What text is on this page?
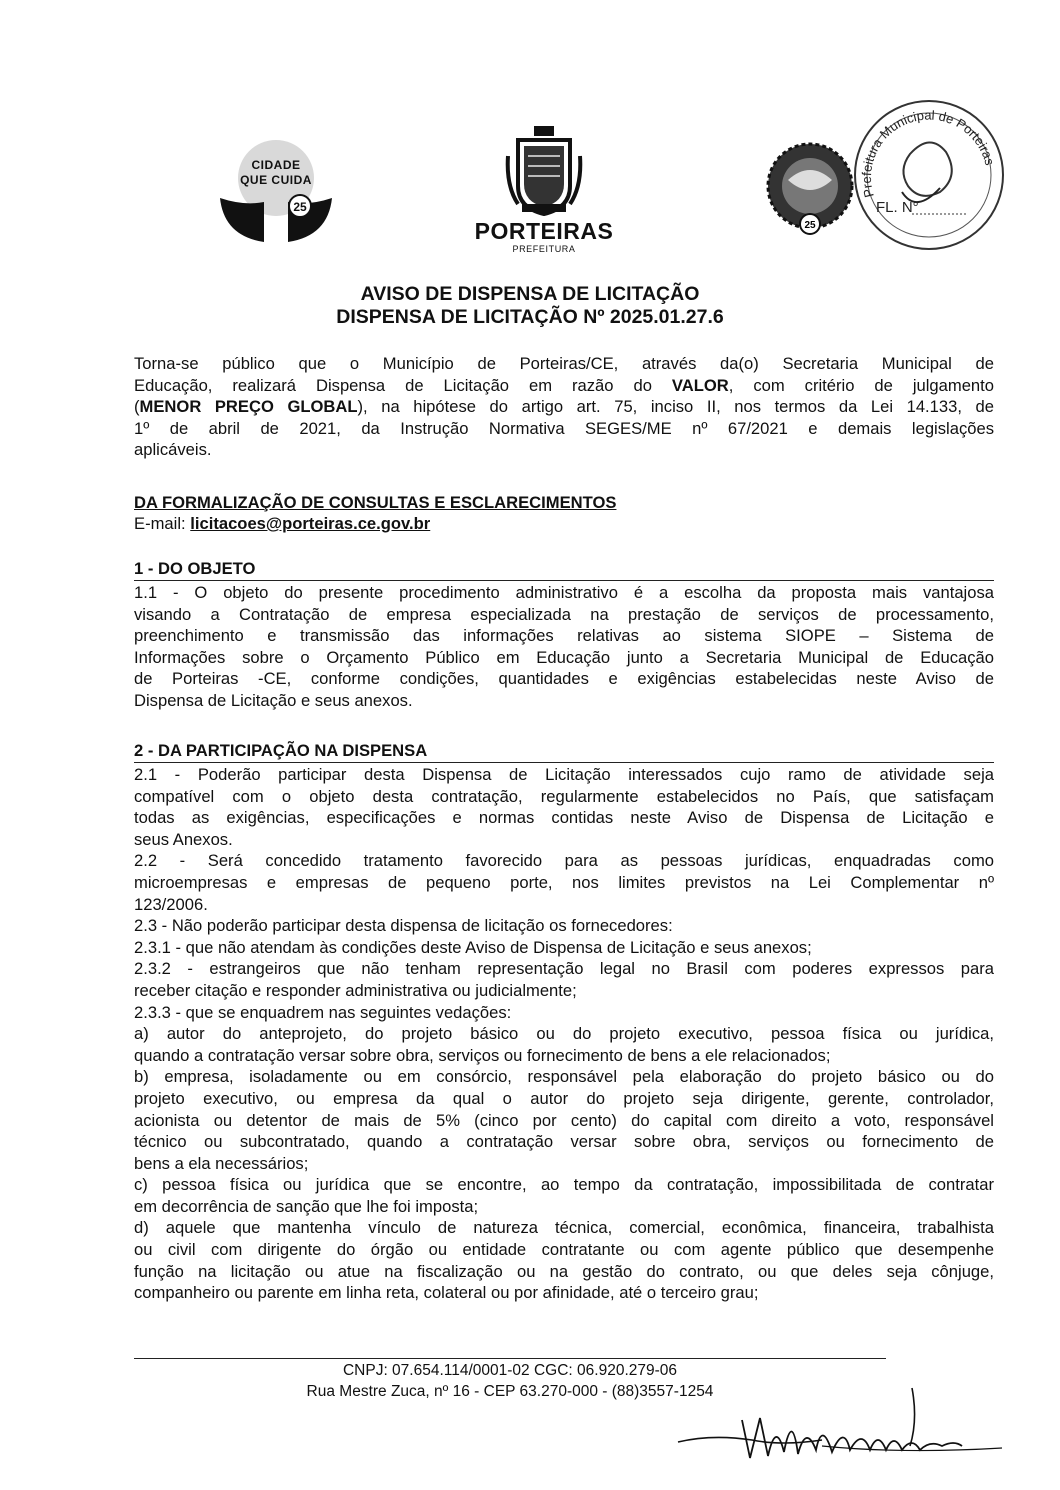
25
CIDADE
QUE CUIDA
PORTEIRAS
PREFEITURA
25
Prefeitura Municipal de Porteiras
FL. N°
AVISO DE DISPENSA DE LICITAÇÃO
DISPENSA DE LICITAÇÃO Nº 2025.01.27.6
Torna-se público que o Município de Porteiras/CE, através da(o) Secretaria Municipal de
Educação, realizará Dispensa de Licitação em razão do VALOR, com critério de julgamento
(MENOR PREÇO GLOBAL), na hipótese do artigo art. 75, inciso II, nos termos da Lei 14.133, de
1º de abril de 2021, da Instrução Normativa SEGES/ME nº 67/2021 e demais legislações
aplicáveis.
DA FORMALIZAÇÃO DE CONSULTAS E ESCLARECIMENTOS
E-mail: licitacoes@porteiras.ce.gov.br
1 - DO OBJETO
1.1 - O objeto do presente procedimento administrativo é a escolha da proposta mais vantajosa
visando a Contratação de empresa especializada na prestação de serviços de processamento,
preenchimento e transmissão das informações relativas ao sistema SIOPE – Sistema de
Informações sobre o Orçamento Público em Educação junto a Secretaria Municipal de Educação
de Porteiras -CE, conforme condições, quantidades e exigências estabelecidas neste Aviso de
Dispensa de Licitação e seus anexos.
2 - DA PARTICIPAÇÃO NA DISPENSA
2.1 - Poderão participar desta Dispensa de Licitação interessados cujo ramo de atividade seja
compatível com o objeto desta contratação, regularmente estabelecidos no País, que satisfaçam
todas as exigências, especificações e normas contidas neste Aviso de Dispensa de Licitação e
seus Anexos.
2.2 - Será concedido tratamento favorecido para as pessoas jurídicas, enquadradas como
microempresas e empresas de pequeno porte, nos limites previstos na Lei Complementar nº
123/2006.
2.3 - Não poderão participar desta dispensa de licitação os fornecedores:
2.3.1 - que não atendam às condições deste Aviso de Dispensa de Licitação e seus anexos;
2.3.2 - estrangeiros que não tenham representação legal no Brasil com poderes expressos para
receber citação e responder administrativa ou judicialmente;
2.3.3 - que se enquadrem nas seguintes vedações:
a) autor do anteprojeto, do projeto básico ou do projeto executivo, pessoa física ou jurídica,
quando a contratação versar sobre obra, serviços ou fornecimento de bens a ele relacionados;
b) empresa, isoladamente ou em consórcio, responsável pela elaboração do projeto básico ou do
projeto executivo, ou empresa da qual o autor do projeto seja dirigente, gerente, controlador,
acionista ou detentor de mais de 5% (cinco por cento) do capital com direito a voto, responsável
técnico ou subcontratado, quando a contratação versar sobre obra, serviços ou fornecimento de
bens a ela necessários;
c) pessoa física ou jurídica que se encontre, ao tempo da contratação, impossibilitada de contratar
em decorrência de sanção que lhe foi imposta;
d) aquele que mantenha vínculo de natureza técnica, comercial, econômica, financeira, trabalhista
ou civil com dirigente do órgão ou entidade contratante ou com agente público que desempenhe
função na licitação ou atue na fiscalização ou na gestão do contrato, ou que deles seja cônjuge,
companheiro ou parente em linha reta, colateral ou por afinidade, até o terceiro grau;
CNPJ: 07.654.114/0001-02 CGC: 06.920.279-06
Rua Mestre Zuca, nº 16 - CEP 63.270-000 - (88)3557-1254
